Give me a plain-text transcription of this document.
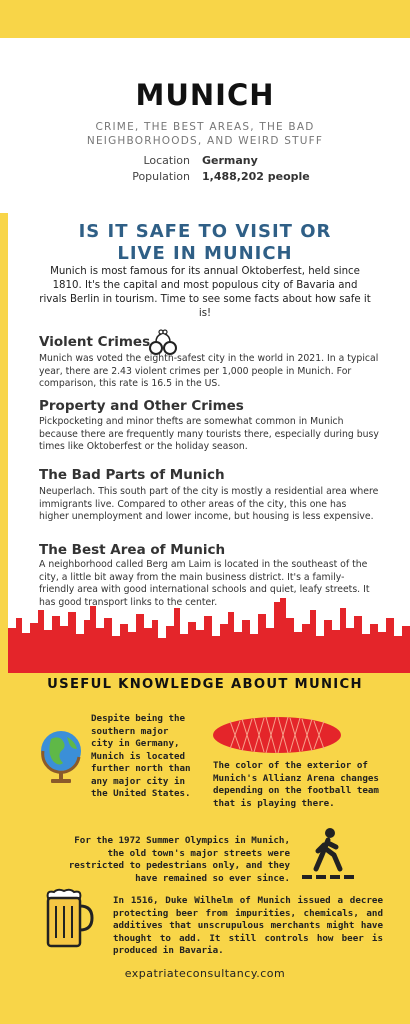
MUNICH
CRIME, THE BEST AREAS, THE BAD NEIGHBORHOODS, AND WEIRD STUFF
Location Germany
Population 1,488,202 people
IS IT SAFE TO VISIT OR LIVE IN MUNICH
Munich is most famous for its annual Oktoberfest, held since 1810. It's the capital and most populous city of Bavaria and rivals Berlin in tourism. Time to see some facts about how safe it is!
Violent Crimes
Munich was voted the eighth-safest city in the world in 2021. In a typical year, there are 2.43 violent crimes per 1,000 people in Munich. For comparison, this rate is 16.5 in the US.
Property and Other Crimes
Pickpocketing and minor thefts are somewhat common in Munich because there are frequently many tourists there, especially during busy times like Oktoberfest or the holiday season.
The Bad Parts of Munich
Neuperlach. This south part of the city is mostly a residential area where immigrants live. Compared to other areas of the city, this one has higher unemployment and lower income, but housing is less expensive.
The Best Area of Munich
A neighborhood called Berg am Laim is located in the southeast of the city, a little bit away from the main business district. It's a family-friendly area with good international schools and quiet, leafy streets. It has good transport links to the center.
USEFUL KNOWLEDGE ABOUT MUNICH
Despite being the southern major city in Germany, Munich is located further north than any major city in the United States.
The color of the exterior of Munich's Allianz Arena changes depending on the football team that is playing there.
For the 1972 Summer Olympics in Munich, the old town's major streets were restricted to pedestrians only, and they have remained so ever since.
In 1516, Duke Wilhelm of Munich issued a decree protecting beer from impurities, chemicals, and additives that unscrupulous merchants might have thought to add. It still controls how beer is produced in Bavaria.
expatriateconsultancy.com
